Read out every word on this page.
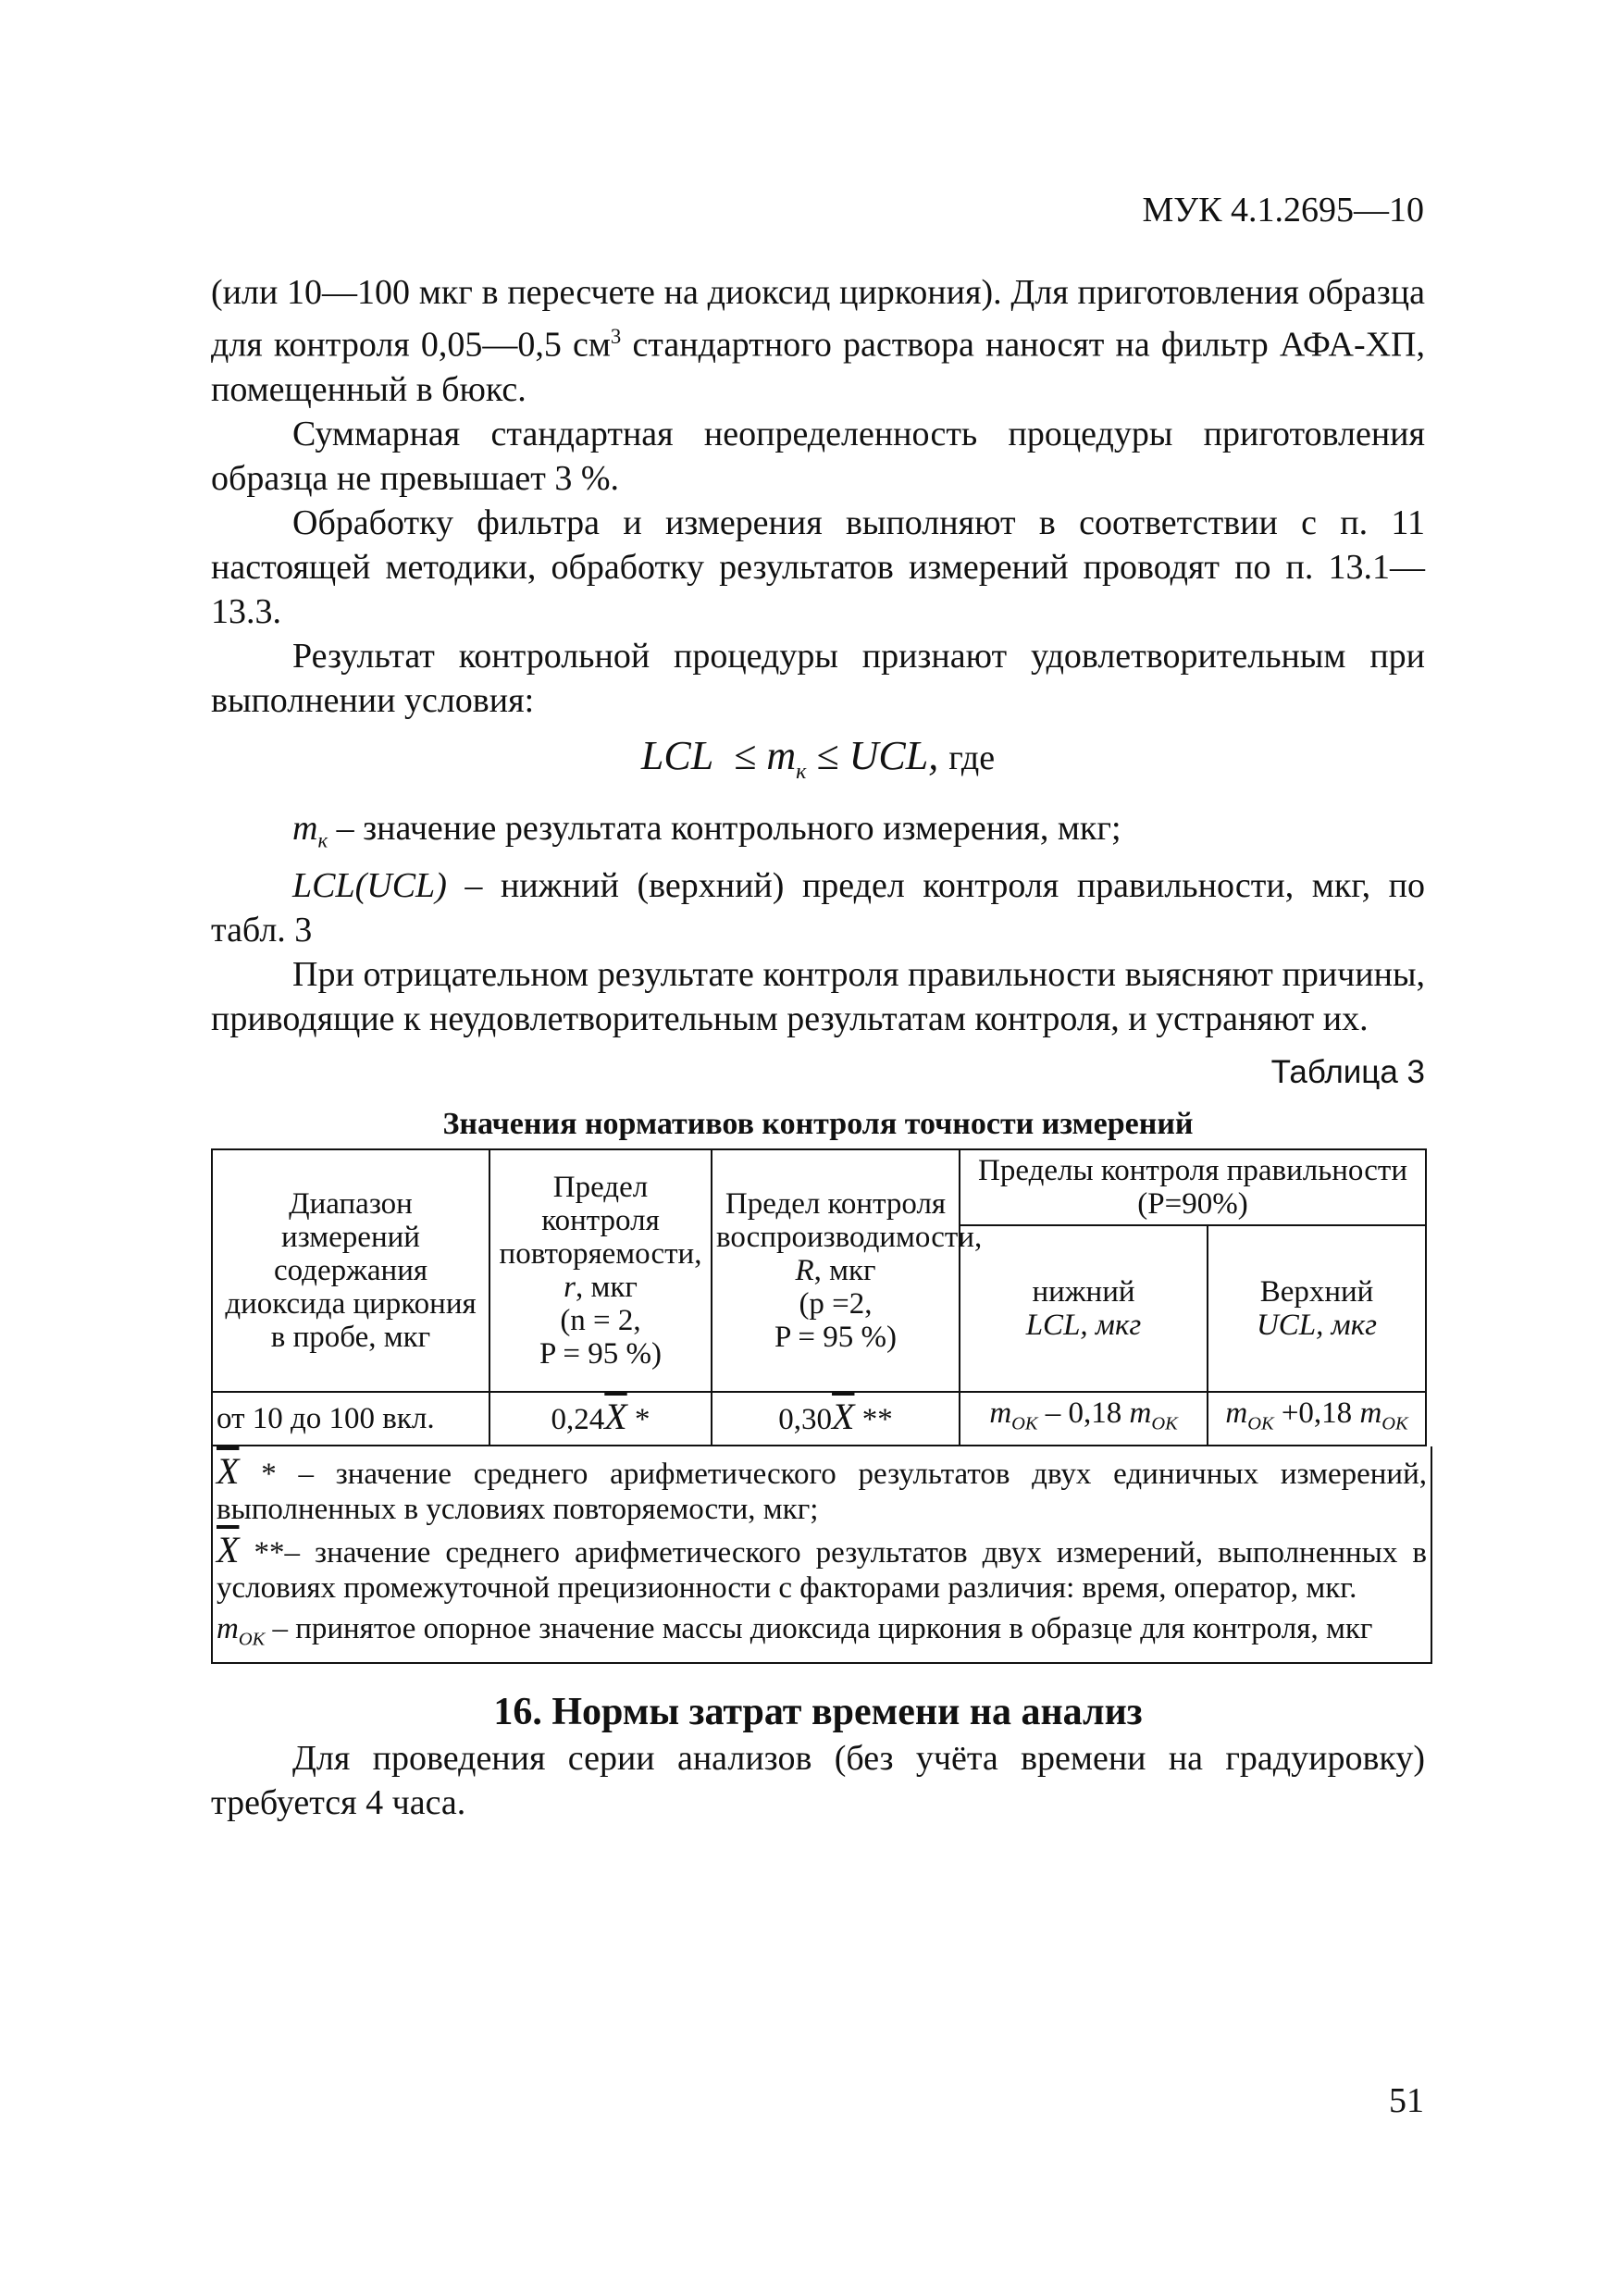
МУК 4.1.2695—10

(или 10—100 мкг в пересчете на диоксид циркония). Для приготовления образца для контроля 0,05—0,5 $см^3$ стандартного раствора наносят на фильтр АФА-ХП, помещенный в бюкс.

Суммарная стандартная неопределенность процедуры приготовления образца не превышает 3 %.

Обработку фильтра и измерения выполняют в соответствии с п. 11 настоящей методики, обработку результатов измерений проводят по п. 13.1—13.3.

Результат контрольной процедуры признают удовлетворительным при выполнении условия:

LCL ≤ $m_к$ ≤ UCL, где

$m_к$ – значение результата контрольного измерения, мкг;

LCL(UCL) – нижний (верхний) предел контроля правильности, мкг, по табл. 3

При отрицательном результате контроля правильности выясняют причины, приводящие к неудовлетворительным результатам контроля, и устраняют их.

Таблица 3
Значения нормативов контроля точности измерений
Диапазон измерений содержания диоксида циркония в пробе, мкг	Предел контроля повторяемости,
r, мкг
(n = 2,
P = 95 %)	Предел контроля воспроизводимости,
R, мкг
(p =2,
P = 95 %)	Пределы контроля правильности (P=90%)	
			нижний
LCL, мкг	Верхний
UCL, мкг
от 10 до 100 вкл.	$0,24\overline{X}$ *	$0,30\overline{X}$ **	$m_{ОК} - 0,18$ $m_{ОК}$	$m_{ОК} +0,18$ $m_{ОК}$

$\overline{X}$ * – значение среднего арифметического результатов двух единичных измерений, выполненных в условиях повторяемости, мкг;

$\overline{X}$ **– значение среднего арифметического результатов двух измерений, выполненных в условиях промежуточной прецизионности с факторами различия: время, оператор, мкг.

$m_{ОК}$ – принятое опорное значение массы диоксида циркония в образце для контроля, мкг

16. Нормы затрат времени на анализ

Для проведения серии анализов (без учёта времени на градуировку) требуется 4 часа.

51
